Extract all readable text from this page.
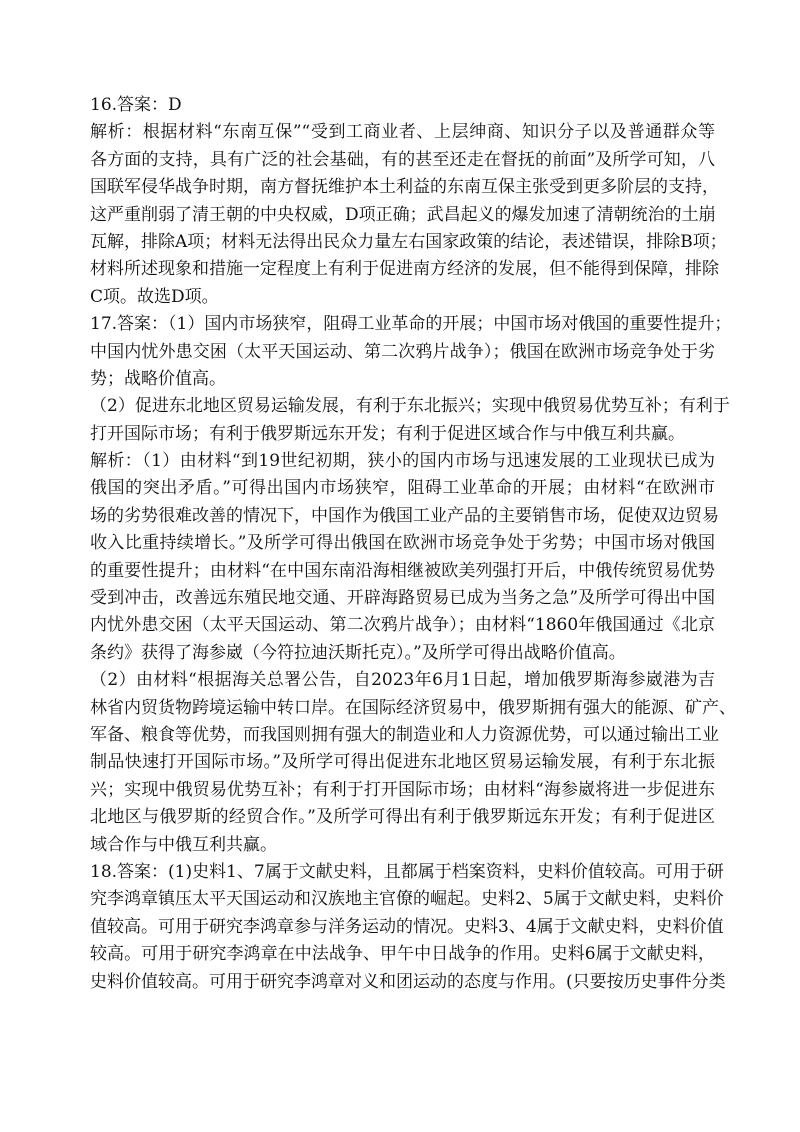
16.答案：D
解析：根据材料“东南互保”“受到工商业者、上层绅商、知识分子以及普通群众等
各方面的支持，具有广泛的社会基础，有的甚至还走在督抚的前面”及所学可知，八
国联军侵华战争时期，南方督抚维护本土利益的东南互保主张受到更多阶层的支持，
这严重削弱了清王朝的中央权威，D项正确；武昌起义的爆发加速了清朝统治的土崩
瓦解，排除A项；材料无法得出民众力量左右国家政策的结论，表述错误，排除B项；
材料所述现象和措施一定程度上有利于促进南方经济的发展，但不能得到保障，排除
C项。故选D项。
17.答案：（1）国内市场狭窄，阻碍工业革命的开展；中国市场对俄国的重要性提升；
中国内忧外患交困（太平天国运动、第二次鸦片战争）；俄国在欧洲市场竞争处于劣
势；战略价值高。
（2）促进东北地区贸易运输发展，有利于东北振兴；实现中俄贸易优势互补；有利于
打开国际市场；有利于俄罗斯远东开发；有利于促进区域合作与中俄互利共赢。
解析：（1）由材料“到19世纪初期，狭小的国内市场与迅速发展的工业现状已成为
俄国的突出矛盾。”可得出国内市场狭窄，阻碍工业革命的开展；由材料“在欧洲市
场的劣势很难改善的情况下，中国作为俄国工业产品的主要销售市场，促使双边贸易
收入比重持续增长。”及所学可得出俄国在欧洲市场竞争处于劣势；中国市场对俄国
的重要性提升；由材料“在中国东南沿海相继被欧美列强打开后，中俄传统贸易优势
受到冲击，改善远东殖民地交通、开辟海路贸易已成为当务之急”及所学可得出中国
内忧外患交困（太平天国运动、第二次鸦片战争）；由材料“1860年俄国通过《北京
条约》获得了海参崴（今符拉迪沃斯托克）。”及所学可得出战略价值高。
（2）由材料“根据海关总署公告，自2023年6月1日起，增加俄罗斯海参崴港为吉
林省内贸货物跨境运输中转口岸。在国际经济贸易中，俄罗斯拥有强大的能源、矿产、
军备、粮食等优势，而我国则拥有强大的制造业和人力资源优势，可以通过输出工业
制品快速打开国际市场。”及所学可得出促进东北地区贸易运输发展，有利于东北振
兴；实现中俄贸易优势互补；有利于打开国际市场；由材料“海参崴将进一步促进东
北地区与俄罗斯的经贸合作。”及所学可得出有利于俄罗斯远东开发；有利于促进区
域合作与中俄互利共赢。
18.答案：(1)史料1、7属于文献史料，且都属于档案资料，史料价值较高。可用于研
究李鸿章镇压太平天国运动和汉族地主官僚的崛起。史料2、5属于文献史料，史料价
值较高。可用于研究李鸿章参与洋务运动的情况。史料3、4属于文献史料，史料价值
较高。可用于研究李鸿章在中法战争、甲午中日战争的作用。史料6属于文献史料，
史料价值较高。可用于研究李鸿章对义和团运动的态度与作用。(只要按历史事件分类
